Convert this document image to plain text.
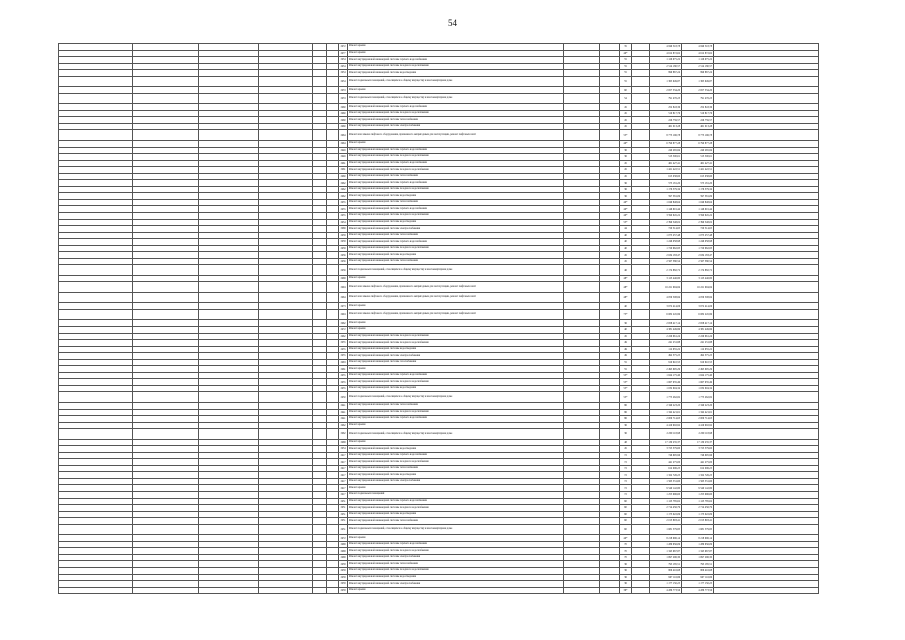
54
						1972	Ремонт крыши			35		4 849 518,78	4 849 518,78	
						1977	Ремонт крыши			40*		4 612 872,62	4 612 872,62	
						1954	Ремонт внутридомовой инженерной системы горячего водоснабжения			55		1 126 975,22	1 126 975,22	
						1954	Ремонт внутридомовой инженерной системы холодного водоснабжения			55		2 514 180,57	2 514 180,57	
						1954	Ремонт внутридомовой инженерной системы водоотведения			55		999 867,24	999 867,24	
						1954	Ремонт подвальных помещений, относящихся к общему имуществу в многоквартирном доме			55		1 365 949,87	1 365 949,87	
						1953	Ремонт крыши			60		2 657 534,20	2 657 534,20	
						1953	Ремонт подвальных помещений, относящихся к общему имуществу в многоквартирном доме			54		791 476,23	791 476,23	
						1960	Ремонт внутридомовой инженерной системы горячего водоснабжения			45		252 843,36	252 843,36	
						1960	Ремонт внутридомовой инженерной системы холодного водоснабжения			45		510 817,76	510 817,76	
						1960	Ремонт внутридомовой инженерной системы теплоснабжения			45		226 759,57	226 759,57	
						1960	Ремонт внутридомовой инженерной системы электроснабжения			45		461 013,28	461 013,28	
						1964	Ремонт или замена лифтового оборудования, признанного непригодным для эксплуатации, ремонт лифтовых шахт			55*		8 773 196,78	8 773 196,78	
						1964	Ремонт крыши			40*		6 790 877,28	6 790 877,28	
						1949	Ремонт внутридомовой инженерной системы горячего водоснабжения			36		240 265,84	240 265,84	
						1949	Ремонт внутридомовой инженерной системы холодного водоснабжения			36		513 500,61	513 500,61	
						1961	Ремонт внутридомовой инженерной системы горячего водоснабжения			45		461 427,41	461 427,41	
						1961	Ремонт внутридомовой инженерной системы холодного водоснабжения			45		1 421 422,51	1 421 422,51	
						1960	Ремонт внутридомовой инженерной системы теплоснабжения			45		615 038,60	615 038,60	
						1962	Ремонт внутридомовой инженерной системы горячего водоснабжения			36		575 181,20	575 181,20	
						1962	Ремонт внутридомовой инженерной системы холодного водоснабжения			36		1 176 379,34	1 176 379,34	
						1962	Ремонт внутридомовой инженерной системы водоотведения			36		597 381,09	597 381,09	
						1955	Ремонт внутридомовой инженерной системы теплоснабжения			40*		1 049 848,64	1 049 848,64	
						1955	Ремонт внутридомовой инженерной системы горячего водоснабжения			40*		1 146 601,44	1 146 601,44	
						1955	Ремонт внутридомовой инженерной системы холодного водоснабжения			40*		3 590 645,22	3 590 645,22	
						1954	Ремонт внутридомовой инженерной системы водоотведения			55*		2 399 548,02	2 399 548,02	
						1969	Ремонт внутридомовой инженерной системы электроснабжения			44		720 514,65	720 514,65	
						1958	Ремонт внутридомовой инженерной системы теплоснабжения			40		1 075 257,48	1 075 257,48	
						1958	Ремонт внутридомовой инженерной системы горячего водоснабжения			40		1 246 058,98	1 246 058,98	
						1958	Ремонт внутридомовой инженерной системы холодного водоснабжения			40		1 720 662,83	1 720 662,83	
						1956	Ремонт внутридомовой инженерной системы водоотведения			45		2 634 183,47	2 634 183,47	
						1956	Ремонт внутридомовой инженерной системы теплоснабжения			45		2 567 380,54	2 567 380,54	
						1956	Ремонт подвальных помещений, относящихся к общему имуществу в многоквартирном доме			46		2 174 882,72	2 174 882,72	
						1968	Ремонт крыши			48*		3 123 446,80	3 123 446,80	
						1994	Ремонт или замена лифтового оборудования, признанного непригодным для эксплуатации, ремонт лифтовых шахт			48*		16 221 994,84	16 221 994,84	
						1964	Ремонт или замена лифтового оборудования, признанного непригодным для эксплуатации, ремонт лифтовых шахт			48*		4 059 508,84	4 059 508,84	
						1973	Ремонт крыши			40		3 672 414,06	3 672 414,06	
						1994	Ремонт или замена лифтового оборудования, признанного непригодным для эксплуатации, ремонт лифтовых шахт			75*		6 082 245,99	6 082 245,99	
						1962	Ремонт крыши			36		2 658 417,14	2 658 417,14	
						1972	Ремонт крыши			40		4 381 449,99	4 381 449,99	
						1962	Ремонт внутридомовой инженерной системы холодного водоснабжения			45		2 229 661,24	2 229 661,24	
						1955	Ремонт внутридомовой инженерной системы холодного водоснабжения			49		241 231,88	241 231,88	
						1955	Ремонт внутридомовой инженерной системы водоотведения			49		112 655,22	112 655,22	
						1955	Ремонт внутридомовой инженерной системы электроснабжения			49		492 375,25	492 375,25	
						1963	Ремонт внутридомовой инженерной системы газоснабжения			55		910 610,55	910 610,55	
						1961	Ремонт крыши			55		2 495 695,29	2 495 695,29	
						1955	Ремонт внутридомовой инженерной системы горячего водоснабжения			55*		1 624 175,40	1 624 175,40	
						1955	Ремонт внутридомовой инженерной системы холодного водоснабжения			55*		1 667 935,49	1 667 935,49	
						1955	Ремонт внутридомовой инженерной системы водоотведения			55*		1 032 604,34	1 032 604,34	
						1950	Ремонт подвальных помещений, относящихся к общему имуществу в многоквартирном доме			55*		1 775 262,82	1 775 262,82	
						1941	Ремонт внутридомовой инженерной системы теплоснабжения			86		2 349 223,20	2 349 223,20	
						1941	Ремонт внутридомовой инженерной системы холодного водоснабжения			86		1 342 421,61	1 342 421,61	
						1941	Ремонт внутридомовой инженерной системы горячего водоснабжения			86		2 009 714,63	2 009 714,63	
						1962	Ремонт крыши			36		4 419 902,92	4 419 902,92	
						1962	Ремонт подвальных помещений, относящихся к общему имуществу в многоквартирном доме			36		2 209 118,98	2 209 118,98	
						1968	Ремонт крыши			48		17 130 235,37	17 130 235,37	
						1954	Ремонт внутридомовой инженерной системы водоотведения			45		3 725 379,60	3 725 379,60	
						1917	Ремонт внутридомовой инженерной системы горячего водоснабжения			72		746 695,96	746 695,96	
						1917	Ремонт внутридомовой инженерной системы холодного водоснабжения			72		441 275,00	441 275,00	
						1917	Ремонт внутридомовой инженерной системы теплоснабжения			72		612 006,25	612 006,25	
						1917	Ремонт внутридомовой инженерной системы водоотведения			72		1 322 726,25	1 322 726,25	
						1917	Ремонт внутридомовой инженерной системы электроснабжения			72		1 563 531,60	1 563 531,60	
						1917	Ремонт крыши			72		9 540 142,80	9 540 142,80	
						1917	Ремонт подвальных помещений			72		1 255 996,60	1 255 996,60	
						1951	Ремонт внутридомовой инженерной системы горячего водоснабжения			60		1 123 785,62	1 123 785,62	
						1951	Ремонт внутридомовой инженерной системы холодного водоснабжения			60		2 714 456,79	2 714 456,79	
						1951	Ремонт внутридомовой инженерной системы водоотведения			60		1 173 022,09	1 173 022,09	
						1951	Ремонт внутридомовой инженерной системы теплоснабжения			60		2 013 893,41	2 013 893,41	
						1951	Ремонт подвальных помещений, относящихся к общему имуществу в многоквартирном доме			60		1 681 579,85	1 681 579,85	
						1972	Ремонт крыши			40*		8 218 996,14	8 218 996,14	
						1968	Ремонт внутридомовой инженерной системы горячего водоснабжения			70		1 289 656,09	1 289 656,09	
						1968	Ремонт внутридомовой инженерной системы холодного водоснабжения			70		1 345 967,87	1 345 967,87	
						1968	Ремонт внутридомовой инженерной системы электроснабжения			70		1 697 296,30	1 697 296,30	
						1958	Ремонт внутридомовой инженерной системы теплоснабжения			36		795 185,51	795 185,51	
						1958	Ремонт внутридомовой инженерной системы холодного водоснабжения			36		806 416,68	806 416,68	
						1958	Ремонт внутридомовой инженерной системы водоотведения			36		967 116,86	967 116,86	
						1958	Ремонт внутридомовой инженерной системы электроснабжения			36		1 177 150,25	1 177 150,25	
						1958	Ремонт крыши			36*		4 286 773,56	4 286 773,56	
